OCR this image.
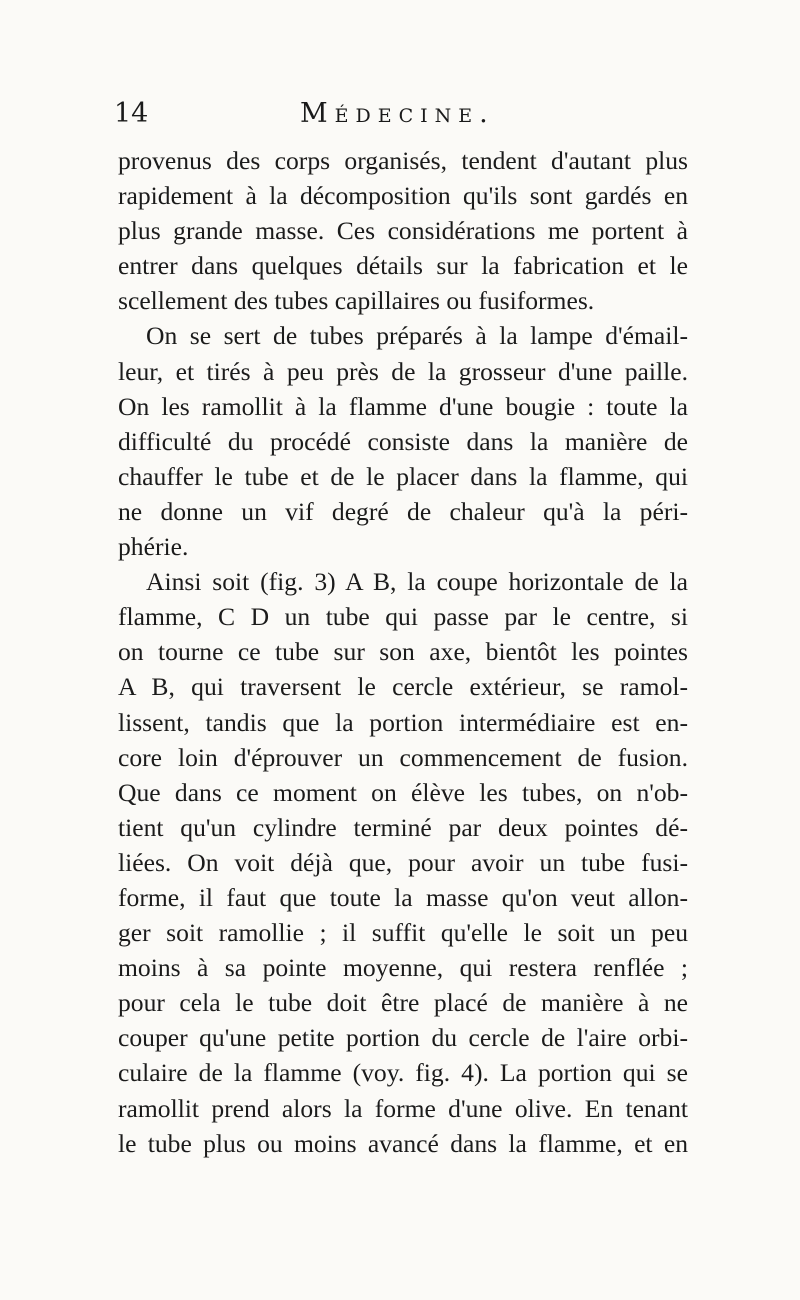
14	Médecine.
provenus des corps organisés, tendent d'autant plus
rapidement à la décomposition qu'ils sont gardés en
plus grande masse. Ces considérations me portent à
entrer dans quelques détails sur la fabrication et le
scellement des tubes capillaires ou fusiformes.
On se sert de tubes préparés à la lampe d'émail-
leur, et tirés à peu près de la grosseur d'une paille.
On les ramollit à la flamme d'une bougie : toute la
difficulté du procédé consiste dans la manière de
chauffer le tube et de le placer dans la flamme, qui
ne donne un vif degré de chaleur qu'à la péri-
phérie.
Ainsi soit (fig. 3) A B, la coupe horizontale de la
flamme, C D un tube qui passe par le centre, si
on tourne ce tube sur son axe, bientôt les pointes
A B, qui traversent le cercle extérieur, se ramol-
lissent, tandis que la portion intermédiaire est en-
core loin d'éprouver un commencement de fusion.
Que dans ce moment on élève les tubes, on n'ob-
tient qu'un cylindre terminé par deux pointes dé-
liées. On voit déjà que, pour avoir un tube fusi-
forme, il faut que toute la masse qu'on veut allon-
ger soit ramollie ; il suffit qu'elle le soit un peu
moins à sa pointe moyenne, qui restera renflée ;
pour cela le tube doit être placé de manière à ne
couper qu'une petite portion du cercle de l'aire orbi-
culaire de la flamme (voy. fig. 4). La portion qui se
ramollit prend alors la forme d'une olive. En tenant
le tube plus ou moins avancé dans la flamme, et en
